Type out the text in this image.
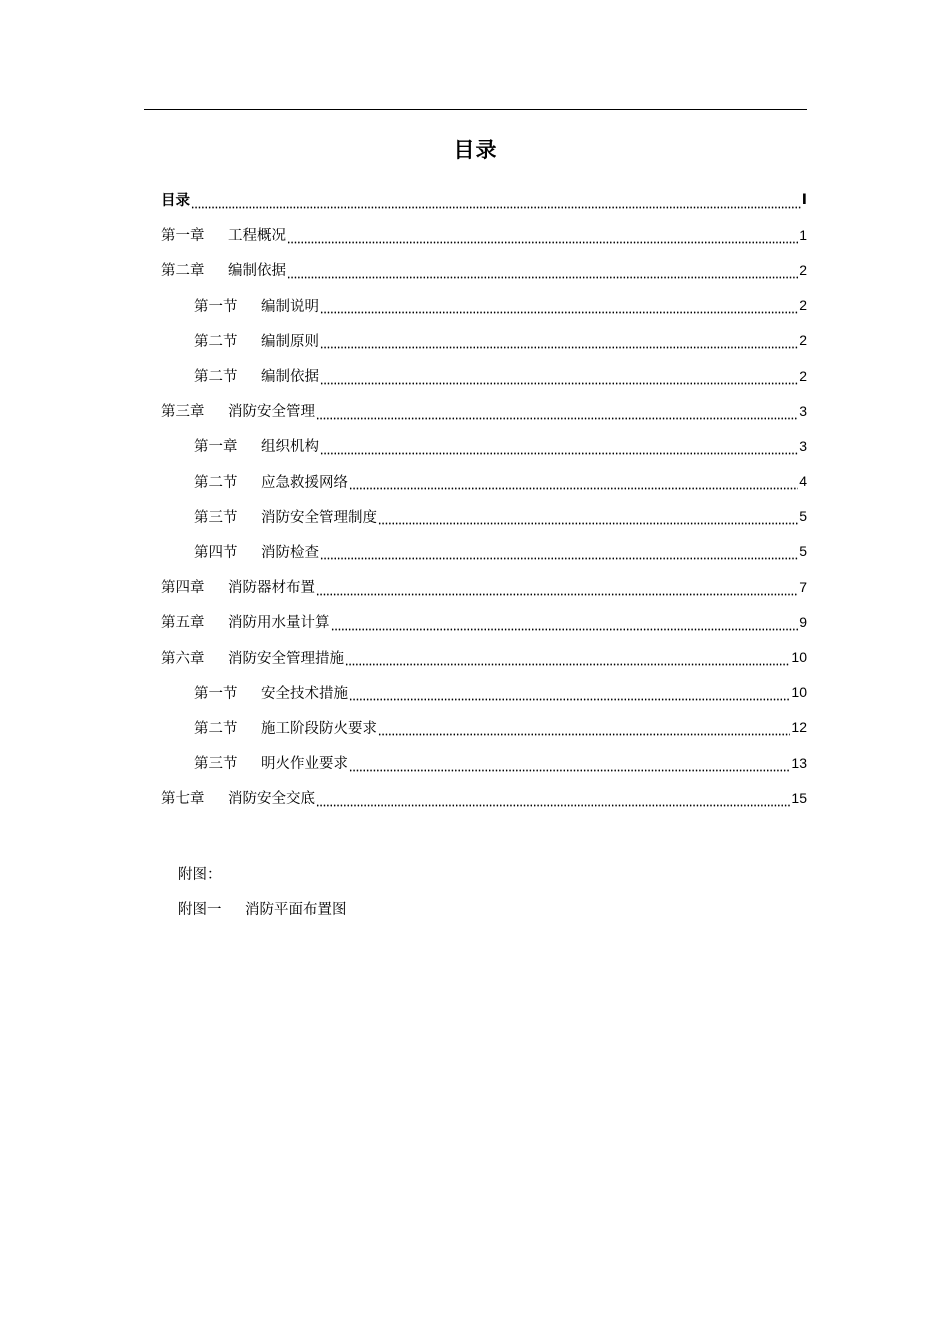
目录
目录	I
第一章 工程概况	1
第二章 编制依据	2
第一节 编制说明	2
第二节 编制原则	2
第二节 编制依据	2
第三章 消防安全管理	3
第一章 组织机构	3
第二节 应急救援网络	4
第三节 消防安全管理制度	5
第四节 消防检查	5
第四章 消防器材布置	7
第五章 消防用水量计算	9
第六章 消防安全管理措施	10
第一节 安全技术措施	10
第二节 施工阶段防火要求	12
第三节 明火作业要求	13
第七章 消防安全交底	15
附图：
附图一 消防平面布置图
